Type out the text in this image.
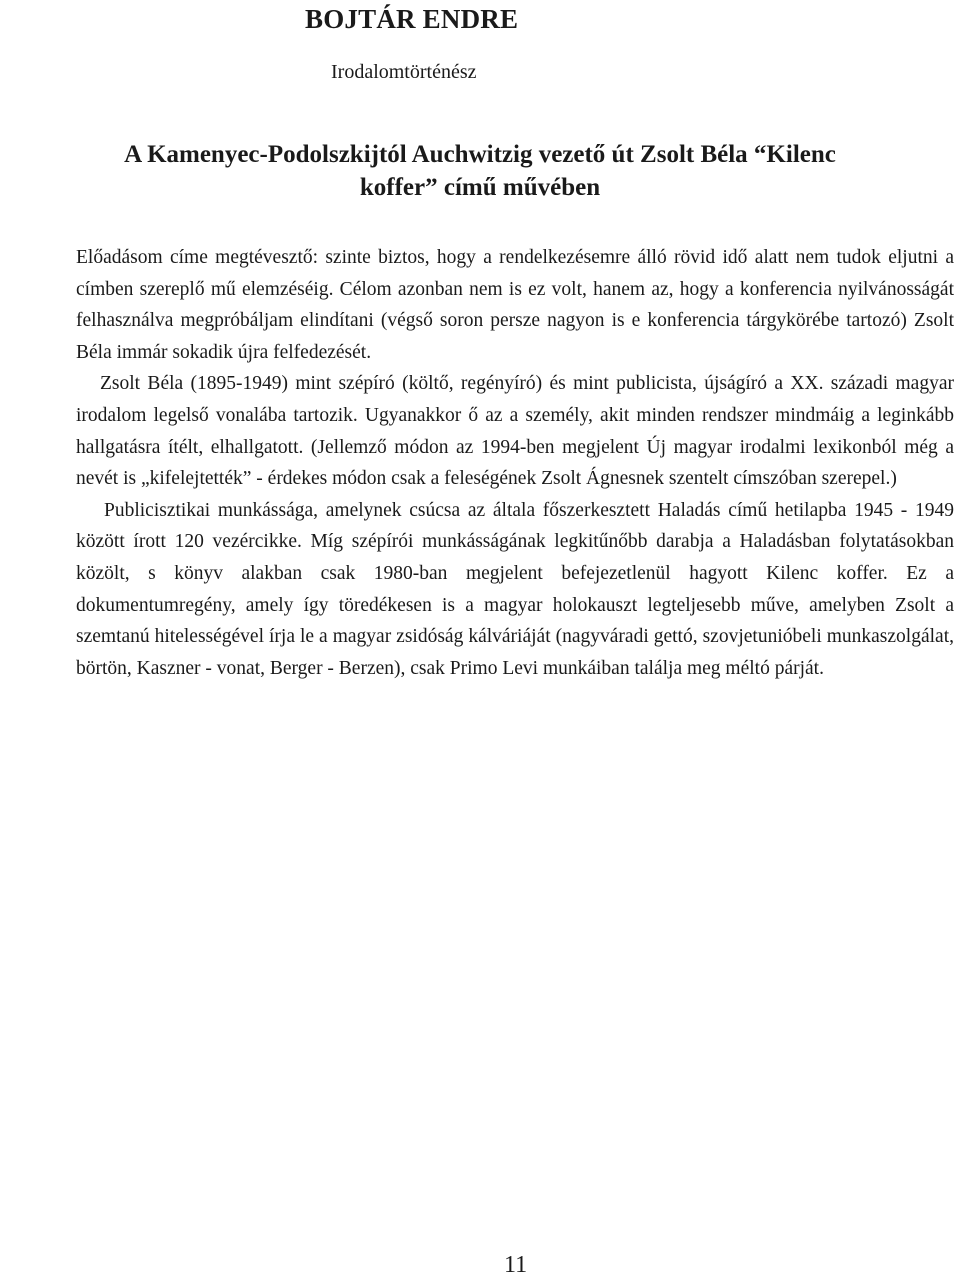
BOJTÁR ENDRE
Irodalomtörténész
A Kamenyec-Podolszkijtól Auchwitzig vezető út Zsolt Béla “Kilenc
koffer” című művében

Előadásom címe megtévesztő: szinte biztos, hogy a rendelkezésemre álló rövid idő alatt nem tudok eljutni a címben szereplő mű elemzéséig. Célom azonban nem is ez volt, hanem az, hogy a konferencia nyilvánosságát felhasználva megpróbáljam elindítani (végső soron persze nagyon is e konferencia tárgykörébe tartozó) Zsolt Béla immár sokadik újra felfedezését.

Zsolt Béla (1895-1949) mint szépíró (költő, regényíró) és mint publicista, újságíró a XX. századi magyar irodalom legelső vonalába tartozik. Ugyanakkor ő az a személy, akit minden rendszer mindmáig a leginkább hallgatásra ítélt, elhallgatott. (Jellemző módon az 1994-ben megjelent Új magyar irodalmi lexikonból még a nevét is „kifelejtették” - érdekes módon csak a feleségének Zsolt Ágnesnek szentelt címszóban szerepel.)

Publicisztikai munkássága, amelynek csúcsa az általa főszerkesztett Haladás című hetilapba 1945 - 1949 között írott 120 vezércikke. Míg szépírói munkásságának legkitűnőbb darabja a Haladásban folytatásokban közölt, s könyv alakban csak 1980-ban megjelent befejezetlenül hagyott Kilenc koffer. Ez a dokumentumregény, amely így töredékesen is a magyar holokauszt legteljesebb műve, amelyben Zsolt a szemtanú hitelességével írja le a magyar zsidóság kálváriáját (nagyváradi gettó, szovjetunióbeli munkaszolgálat, börtön, Kaszner - vonat, Berger - Berzen), csak Primo Levi munkáiban találja meg méltó párját.

11
